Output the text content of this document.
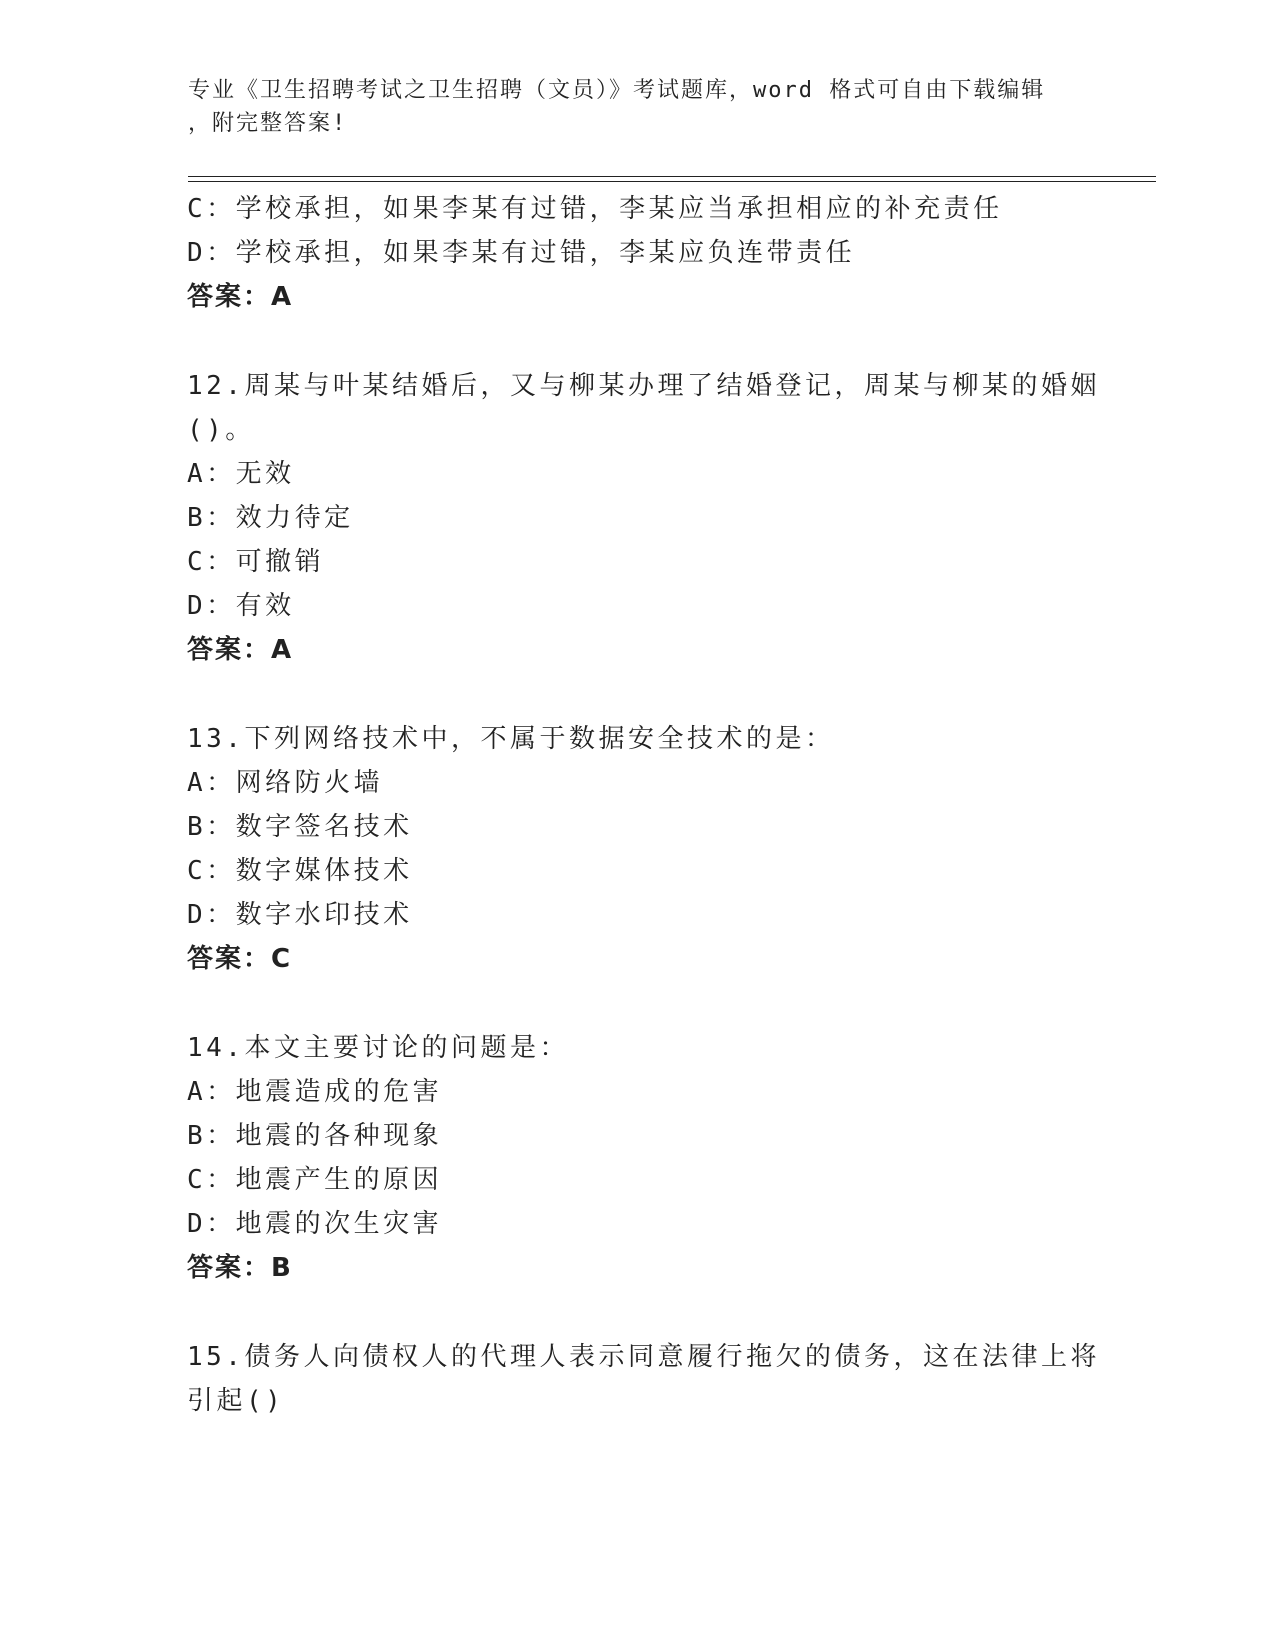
专业《卫生招聘考试之卫生招聘（文员）》考试题库，word 格式可自由下载编辑
，附完整答案!
C：学校承担，如果李某有过错，李某应当承担相应的补充责任
D：学校承担，如果李某有过错，李某应负连带责任
答案：A
12.周某与叶某结婚后，又与柳某办理了结婚登记，周某与柳某的婚姻
()。
A：无效
B：效力待定
C：可撤销
D：有效
答案：A
13.下列网络技术中，不属于数据安全技术的是：
A：网络防火墙
B：数字签名技术
C：数字媒体技术
D：数字水印技术
答案：C
14.本文主要讨论的问题是：
A：地震造成的危害
B：地震的各种现象
C：地震产生的原因
D：地震的次生灾害
答案：B
15.债务人向债权人的代理人表示同意履行拖欠的债务，这在法律上将
引起()
